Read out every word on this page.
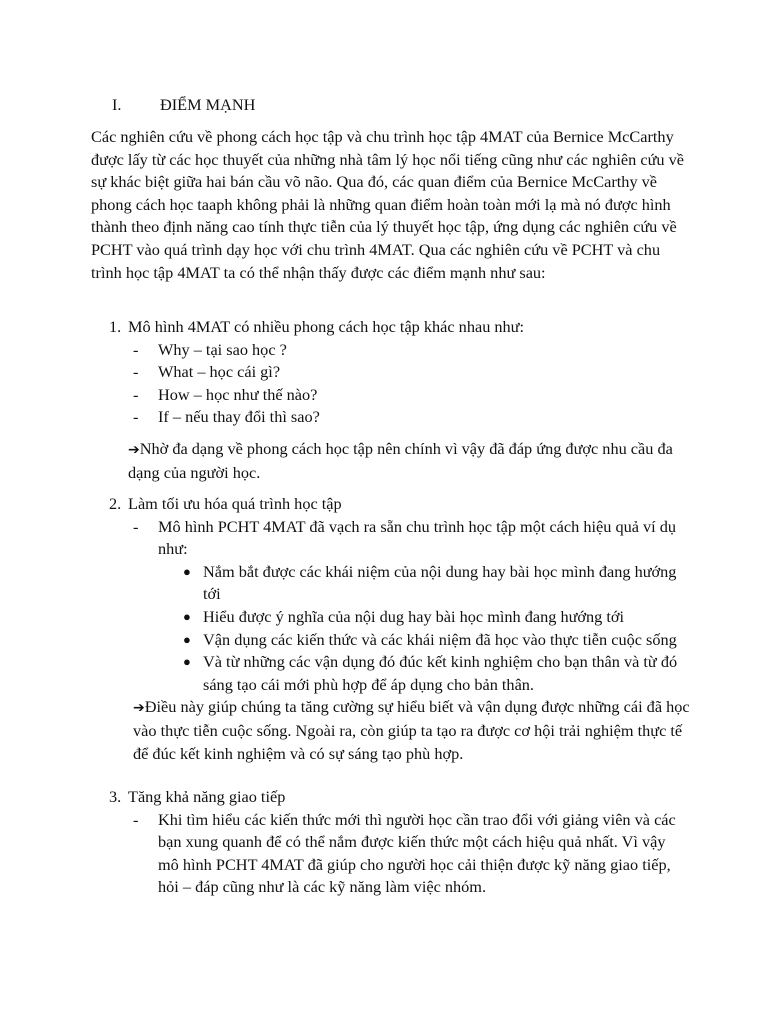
I. ĐIỂM MẠNH

Các nghiên cứu về phong cách học tập và chu trình học tập 4MAT của Bernice McCarthy được lấy từ các học thuyết của những nhà tâm lý học nổi tiếng cũng như các nghiên cứu về sự khác biệt giữa hai bán cầu võ não. Qua đó, các quan điểm của Bernice McCarthy về phong cách học taaph không phải là những quan điểm hoàn toàn mới lạ mà nó được hình thành theo định năng cao tính thực tiễn của lý thuyết học tập, ứng dụng các nghiên cứu về PCHT vào quá trình dạy học với chu trình 4MAT. Qua các nghiên cứu về PCHT và chu trình học tập 4MAT ta có thể nhận thấy được các điểm mạnh như sau:

1. Mô hình 4MAT có nhiều phong cách học tập khác nhau như:
- Why – tại sao học ?
- What – học cái gì?
- How – học như thế nào?
- If – nếu thay đổi thì sao?
➔Nhờ đa dạng về phong cách học tập nên chính vì vậy đã đáp ứng được nhu cầu đa dạng của người học.
2. Làm tối ưu hóa quá trình học tập
- Mô hình PCHT 4MAT đã vạch ra sẵn chu trình học tập một cách hiệu quả ví dụ như:
● Nắm bắt được các khái niệm của nội dung hay bài học mình đang hướng tới
● Hiểu được ý nghĩa của nội dug hay bài học mình đang hướng tới
● Vận dụng các kiến thức và các khái niệm đã học vào thực tiễn cuộc sống
● Và từ những các vận dụng đó đúc kết kinh nghiệm cho bạn thân và từ đó sáng tạo cái mới phù hợp để áp dụng cho bản thân.
➔Điều này giúp chúng ta tăng cường sự hiểu biết và vận dụng được những cái đã học vào thực tiễn cuộc sống. Ngoài ra, còn giúp ta tạo ra được cơ hội trải nghiệm thực tế để đúc kết kinh nghiệm và có sự sáng tạo phù hợp.
3. Tăng khả năng giao tiếp
- Khi tìm hiểu các kiến thức mới thì người học cần trao đổi với giảng viên và các bạn xung quanh để có thể nắm được kiến thức một cách hiệu quả nhất. Vì vậy mô hình PCHT 4MAT đã giúp cho người học cải thiện được kỹ năng giao tiếp, hỏi – đáp cũng như là các kỹ năng làm việc nhóm.
